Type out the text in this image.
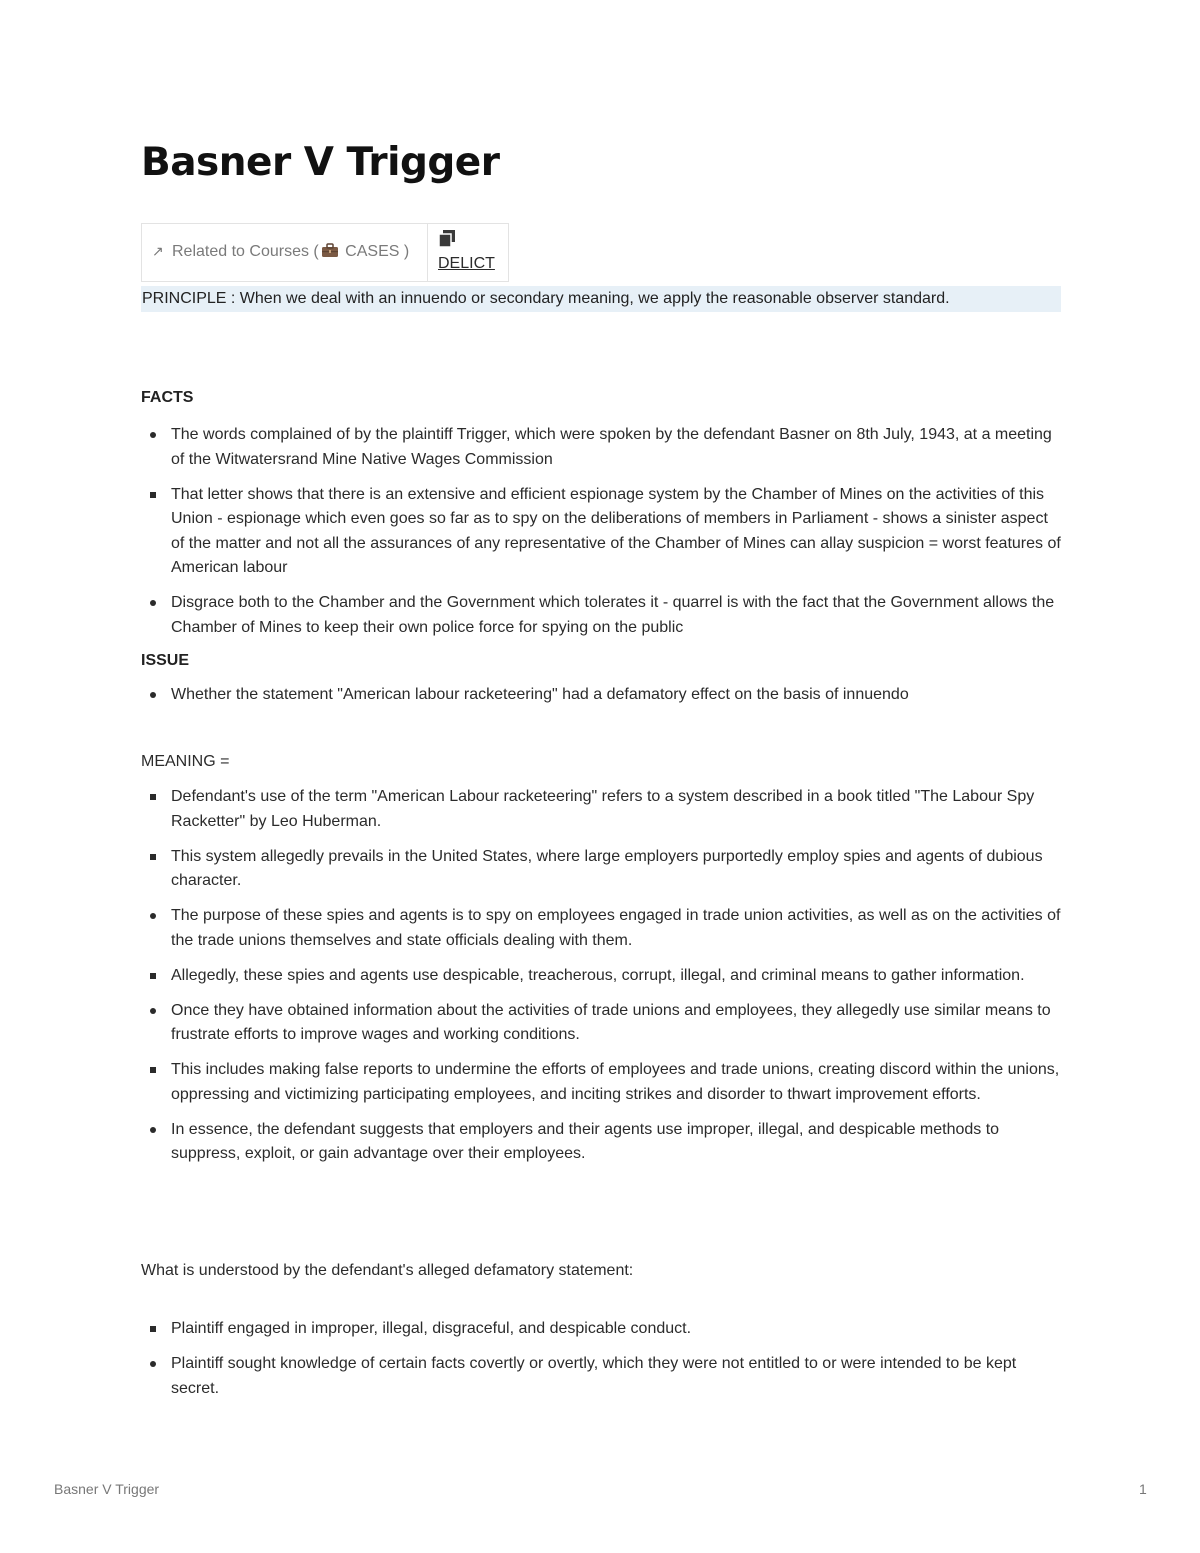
Basner V Trigger
↗ Related to Courses ( CASES )	
DELICT
PRINCIPLE : When we deal with an innuendo or secondary meaning, we apply the reasonable observer standard.

FACTS

The words complained of by the plaintiff Trigger, which were spoken by the defendant Basner on 8th July, 1943, at a meeting of the Witwatersrand Mine Native Wages Commission
That letter shows that there is an extensive and efficient espionage system by the Chamber of Mines on the activities of this Union - espionage which even goes so far as to spy on the deliberations of members in Parliament - shows a sinister aspect of the matter and not all the assurances of any representative of the Chamber of Mines can allay suspicion = worst features of American labour
Disgrace both to the Chamber and the Government which tolerates it - quarrel is with the fact that the Government allows the Chamber of Mines to keep their own police force for spying on the public

ISSUE

Whether the statement "American labour racketeering" had a defamatory effect on the basis of innuendo

MEANING =

Defendant's use of the term "American Labour racketeering" refers to a system described in a book titled "The Labour Spy Racketter" by Leo Huberman.
This system allegedly prevails in the United States, where large employers purportedly employ spies and agents of dubious character.
The purpose of these spies and agents is to spy on employees engaged in trade union activities, as well as on the activities of the trade unions themselves and state officials dealing with them.
Allegedly, these spies and agents use despicable, treacherous, corrupt, illegal, and criminal means to gather information.
Once they have obtained information about the activities of trade unions and employees, they allegedly use similar means to frustrate efforts to improve wages and working conditions.
This includes making false reports to undermine the efforts of employees and trade unions, creating discord within the unions, oppressing and victimizing participating employees, and inciting strikes and disorder to thwart improvement efforts.
In essence, the defendant suggests that employers and their agents use improper, illegal, and despicable methods to suppress, exploit, or gain advantage over their employees.

What is understood by the defendant's alleged defamatory statement:

Plaintiff engaged in improper, illegal, disgraceful, and despicable conduct.
Plaintiff sought knowledge of certain facts covertly or overtly, which they were not entitled to or were intended to be kept secret.
Basner V Trigger	1
